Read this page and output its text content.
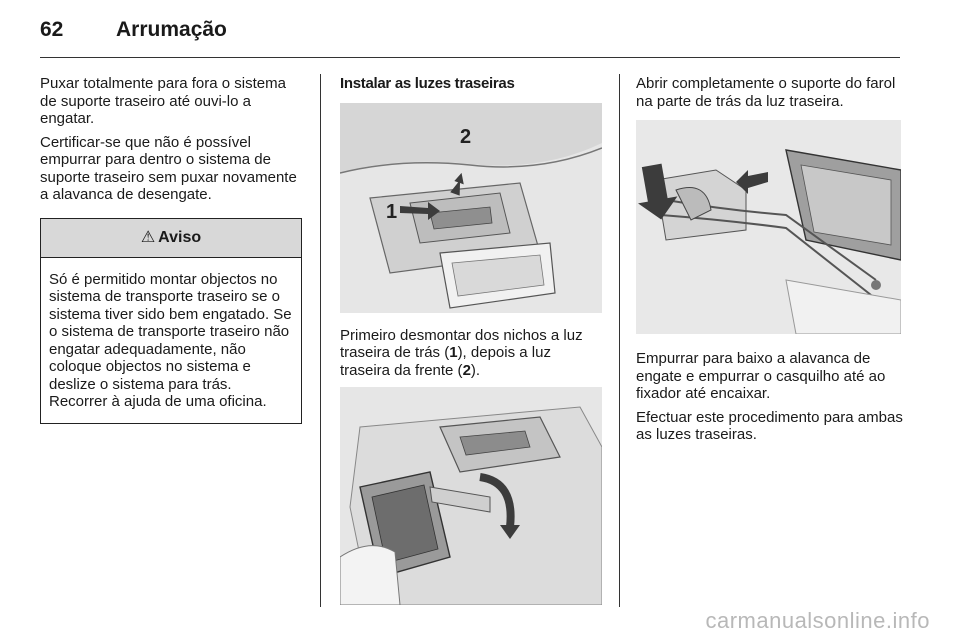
62	Arrumação

Puxar totalmente para fora o sistema de suporte traseiro até ouvi-lo a engatar.

Certificar-se que não é possível empurrar para dentro o sistema de suporte traseiro sem puxar novamente a alavanca de desengate.

⚠ Aviso
Só é permitido montar objectos no sistema de transporte traseiro se o sistema tiver sido bem engatado. Se o sistema de transporte traseiro não engatar adequadamente, não coloque objectos no sistema e deslize o sistema para trás. Recorrer à ajuda de uma oficina.
Instalar as luzes traseiras
1
2

Primeiro desmontar dos nichos a luz traseira de trás (1), depois a luz traseira da frente (2).

Abrir completamente o suporte do farol na parte de trás da luz traseira.

Empurrar para baixo a alavanca de engate e empurrar o casquilho até ao fixador até encaixar.

Efectuar este procedimento para ambas as luzes traseiras.

carmanualsonline.info
